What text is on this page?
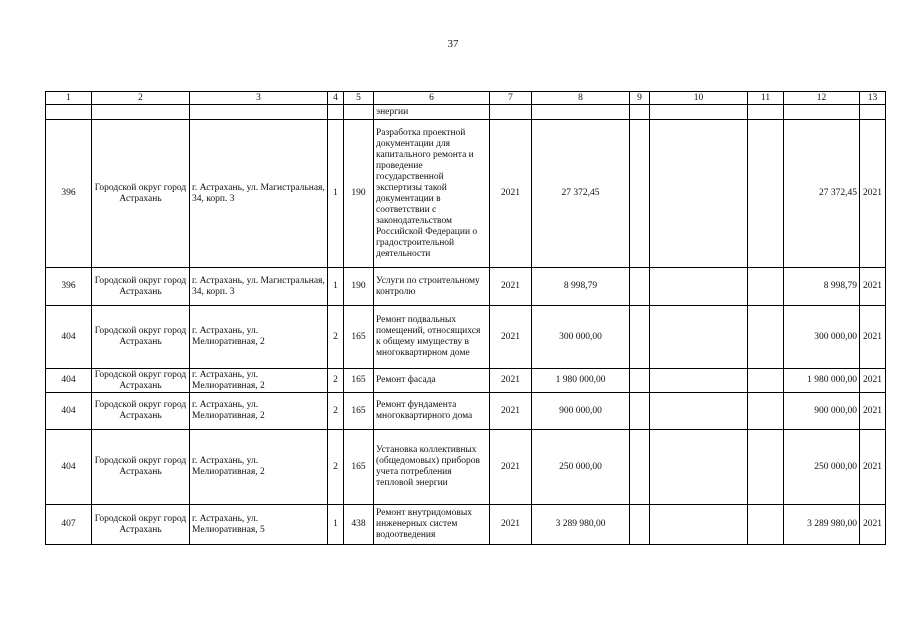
37
1	2	3	4	5	6	7	8	9	10	11	12	13
					энергии							
396	Городской округ город Астрахань	г. Астрахань, ул. Магистральная, 34, корп. 3	1	190	Разработка проектной документации для капитального ремонта и проведение государственной экспертизы такой документации в соответствии с законодательством Российской Федерации о градостроительной деятельности	2021	27 372,45				27 372,45	2021
396	Городской округ город Астрахань	г. Астрахань, ул. Магистральная, 34, корп. 3	1	190	Услуги по строительному контролю	2021	8 998,79				8 998,79	2021
404	Городской округ город Астрахань	г. Астрахань, ул. Мелиоративная, 2	2	165	Ремонт подвальных помещений, относящихся к общему имуществу в многоквартирном доме	2021	300 000,00				300 000,00	2021
404	Городской округ город Астрахань	г. Астрахань, ул. Мелиоративная, 2	2	165	Ремонт фасада	2021	1 980 000,00				1 980 000,00	2021
404	Городской округ город Астрахань	г. Астрахань, ул. Мелиоративная, 2	2	165	Ремонт фундамента многоквартирного дома	2021	900 000,00				900 000,00	2021
404	Городской округ город Астрахань	г. Астрахань, ул. Мелиоративная, 2	2	165	Установка коллективных (общедомовых) приборов учета потребления тепловой энергии	2021	250 000,00				250 000,00	2021
407	Городской округ город Астрахань	г. Астрахань, ул. Мелиоративная, 5	1	438	Ремонт внутридомовых инженерных систем водоотведения	2021	3 289 980,00				3 289 980,00	2021
